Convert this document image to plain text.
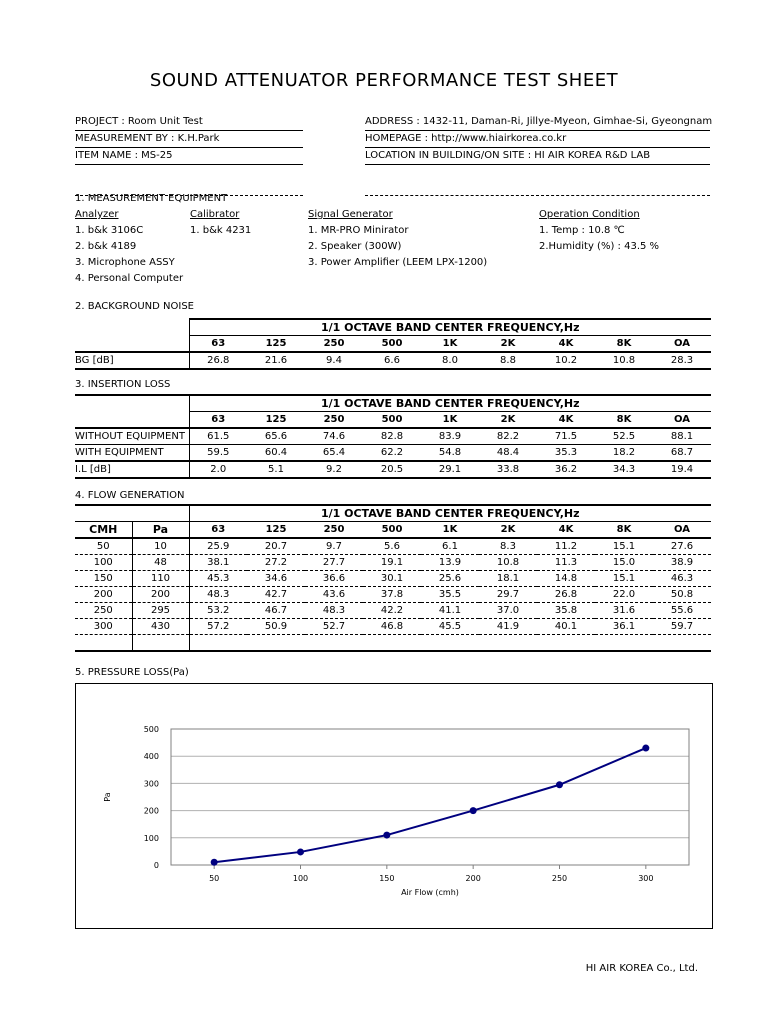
SOUND ATTENUATOR PERFORMANCE TEST SHEET
PROJECT : Room Unit Test
MEASUREMENT BY : K.H.Park
ITEM NAME : MS-25
ADDRESS : 1432-11, Daman-Ri, Jillye-Myeon, Gimhae-Si, Gyeongnam
HOMEPAGE : http://www.hiairkorea.co.kr
LOCATION IN BUILDING/ON SITE : HI AIR KOREA R&D LAB
1. MEASUREMENT EQUIPMENT
Analyzer
1. b&k 3106C
2. b&k 4189
3. Microphone ASSY
4. Personal Computer
Calibrator
1. b&k 4231
Signal Generator
1. MR-PRO Minirator
2. Speaker (300W)
3. Power Amplifier (LEEM LPX-1200)
Operation Condition
1. Temp : 10.8 ℃
2.Humidity (%) : 43.5 %
2. BACKGROUND NOISE
	1/1 OCTAVE BAND CENTER FREQUENCY,Hz								
	63	125	250	500	1K	2K	4K	8K	OA
BG [dB]	26.8	21.6	9.4	6.6	8.0	8.8	10.2	10.8	28.3
3. INSERTION LOSS
	1/1 OCTAVE BAND CENTER FREQUENCY,Hz								
	63	125	250	500	1K	2K	4K	8K	OA
WITHOUT EQUIPMENT	61.5	65.6	74.6	82.8	83.9	82.2	71.5	52.5	88.1
WITH EQUIPMENT	59.5	60.4	65.4	62.2	54.8	48.4	35.3	18.2	68.7
I.L [dB]	2.0	5.1	9.2	20.5	29.1	33.8	36.2	34.3	19.4
4. FLOW GENERATION
		1/1 OCTAVE BAND CENTER FREQUENCY,Hz								
CMH	Pa	63	125	250	500	1K	2K	4K	8K	OA
50	10	25.9	20.7	9.7	5.6	6.1	8.3	11.2	15.1	27.6
100	48	38.1	27.2	27.7	19.1	13.9	10.8	11.3	15.0	38.9
150	110	45.3	34.6	36.6	30.1	25.6	18.1	14.8	15.1	46.3
200	200	48.3	42.7	43.6	37.8	35.5	29.7	26.8	22.0	50.8
250	295	53.2	46.7	48.3	42.2	41.1	37.0	35.8	31.6	55.6
300	430	57.2	50.9	52.7	46.8	45.5	41.9	40.1	36.1	59.7

5. PRESSURE LOSS(Pa)
0
100
200
300
400
500
50	100	150	200	250	300
Air Flow (cmh)
Pa
HI AIR KOREA Co., Ltd.
